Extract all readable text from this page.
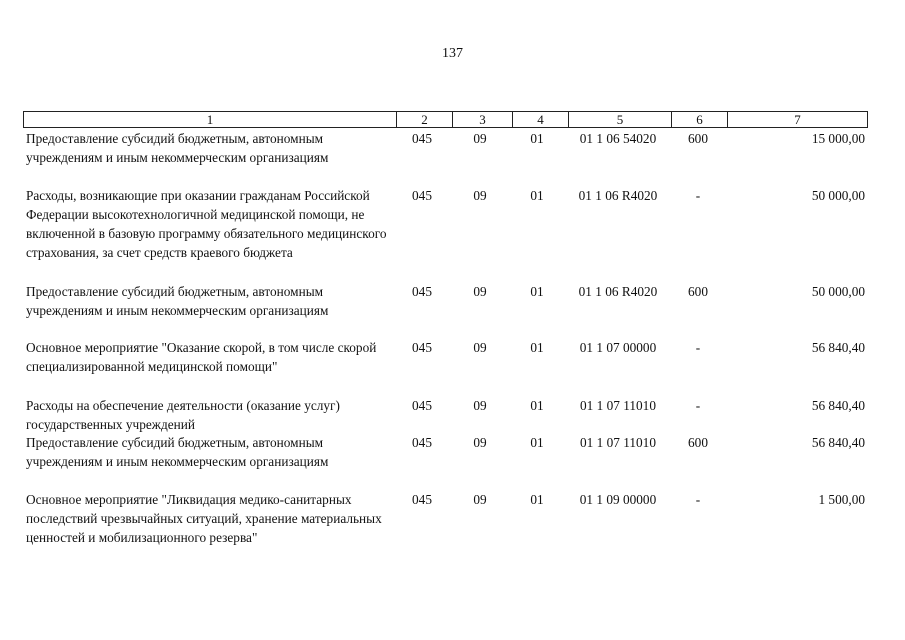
137
1	2	3	4	5	6	7
Предоставление субсидий бюджетным, автономным учреждениям и иным некоммерческим организациям
045	09	01	01 1 06 54020	600	15 000,00
Расходы, возникающие при оказании гражданам Российской Федерации высокотехнологичной медицинской помощи, не включенной в базовую программу обязательного медицинского страхования, за счет средств краевого бюджета
045	09	01	01 1 06 R4020	-	50 000,00
Предоставление субсидий бюджетным, автономным учреждениям и иным некоммерческим организациям
045	09	01	01 1 06 R4020	600	50 000,00
Основное мероприятие "Оказание скорой, в том числе скорой специализированной медицинской помощи"
045	09	01	01 1 07 00000	-	56 840,40
Расходы на обеспечение деятельности (оказание услуг) государственных учреждений
045	09	01	01 1 07 11010	-	56 840,40
Предоставление субсидий бюджетным, автономным учреждениям и иным некоммерческим организациям
045	09	01	01 1 07 11010	600	56 840,40
Основное мероприятие "Ликвидация медико-санитарных последствий чрезвычайных ситуаций, хранение материальных ценностей и мобилизационного резерва"
045	09	01	01 1 09 00000	-	1 500,00
